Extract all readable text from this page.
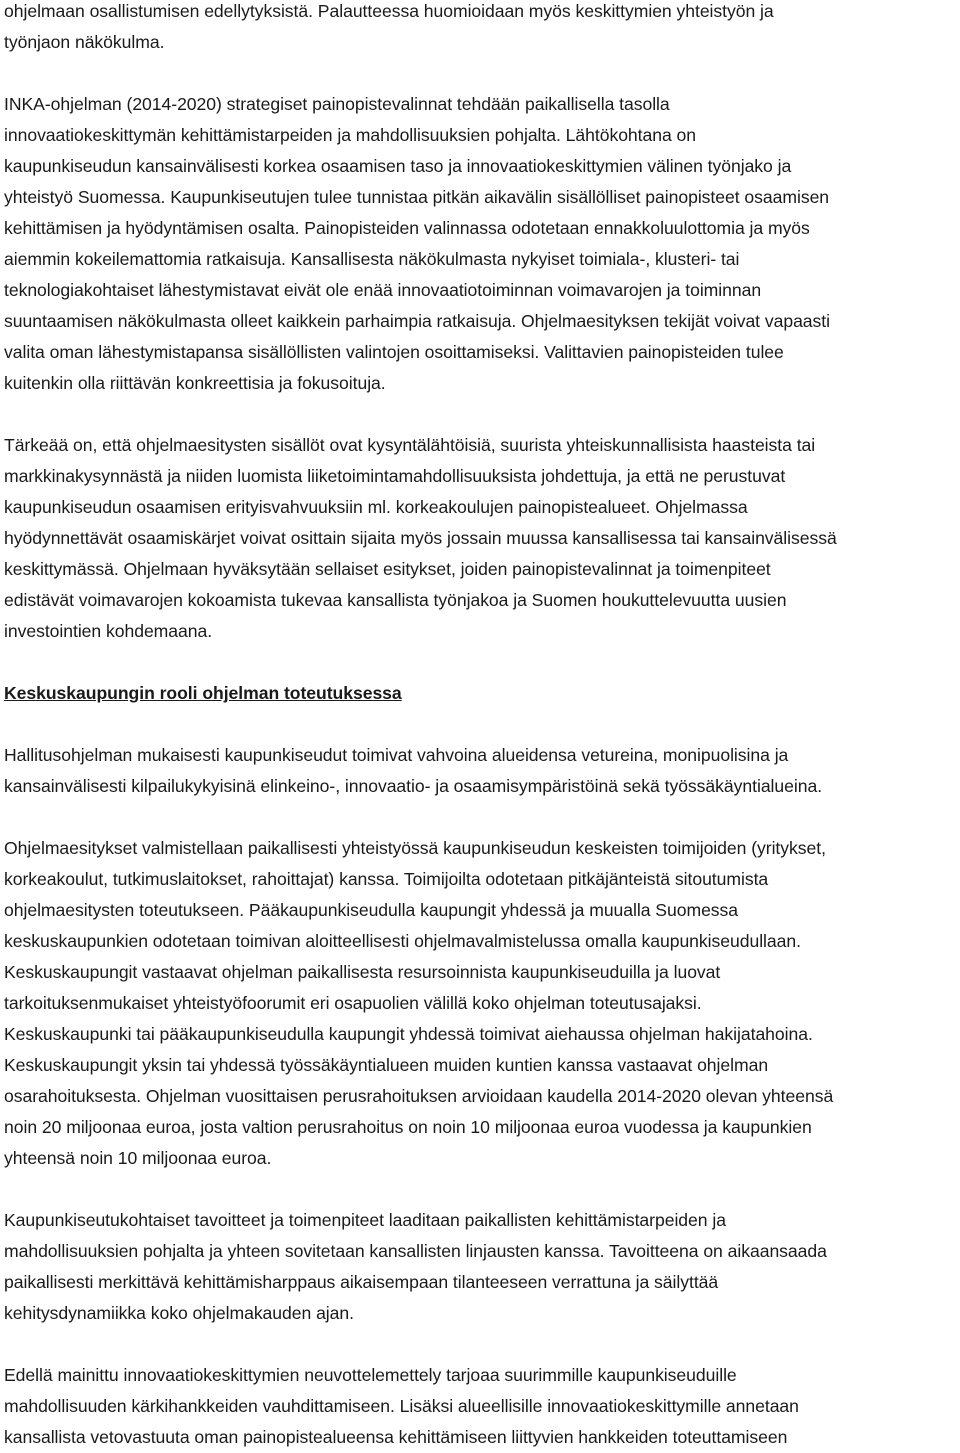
ohjelmaan osallistumisen edellytyksistä. Palautteessa huomioidaan myös keskittymien yhteistyön ja
työnjaon näkökulma.

INKA-ohjelman (2014-2020) strategiset painopistevalinnat tehdään paikallisella tasolla
innovaatiokeskittymän kehittämistarpeiden ja mahdollisuuksien pohjalta. Lähtökohtana on
kaupunkiseudun kansainvälisesti korkea osaamisen taso ja innovaatiokeskittymien välinen työnjako ja
yhteistyö Suomessa. Kaupunkiseutujen tulee tunnistaa pitkän aikavälin sisällölliset painopisteet osaamisen
kehittämisen ja hyödyntämisen osalta. Painopisteiden valinnassa odotetaan ennakkoluulottomia ja myös
aiemmin kokeilemattomia ratkaisuja. Kansallisesta näkökulmasta nykyiset toimiala-, klusteri- tai
teknologiakohtaiset lähestymistavat eivät ole enää innovaatiotoiminnan voimavarojen ja toiminnan
suuntaamisen näkökulmasta olleet kaikkein parhaimpia ratkaisuja. Ohjelmaesityksen tekijät voivat vapaasti
valita oman lähestymistapansa sisällöllisten valintojen osoittamiseksi. Valittavien painopisteiden tulee
kuitenkin olla riittävän konkreettisia ja fokusoituja.

Tärkeää on, että ohjelmaesitysten sisällöt ovat kysyntälähtöisiä, suurista yhteiskunnallisista haasteista tai
markkinakysynnästä ja niiden luomista liiketoimintamahdollisuuksista johdettuja, ja että ne perustuvat
kaupunkiseudun osaamisen erityisvahvuuksiin ml. korkeakoulujen painopistealueet. Ohjelmassa
hyödynnettävät osaamiskärjet voivat osittain sijaita myös jossain muussa kansallisessa tai kansainvälisessä
keskittymässä. Ohjelmaan hyväksytään sellaiset esitykset, joiden painopistevalinnat ja toimenpiteet
edistävät voimavarojen kokoamista tukevaa kansallista työnjakoa ja Suomen houkuttelevuutta uusien
investointien kohdemaana.

Keskuskaupungin rooli ohjelman toteutuksessa

Hallitusohjelman mukaisesti kaupunkiseudut toimivat vahvoina alueidensa vetureina, monipuolisina ja
kansainvälisesti kilpailukykyisinä elinkeino-, innovaatio- ja osaamisympäristöinä sekä työssäkäyntialueina.

Ohjelmaesitykset valmistellaan paikallisesti yhteistyössä kaupunkiseudun keskeisten toimijoiden (yritykset,
korkeakoulut, tutkimuslaitokset, rahoittajat) kanssa. Toimijoilta odotetaan pitkäjänteistä sitoutumista
ohjelmaesitysten toteutukseen. Pääkaupunkiseudulla kaupungit yhdessä ja muualla Suomessa
keskuskaupunkien odotetaan toimivan aloitteellisesti ohjelmavalmistelussa omalla kaupunkiseudullaan.
Keskuskaupungit vastaavat ohjelman paikallisesta resursoinnista kaupunkiseuduilla ja luovat
tarkoituksenmukaiset yhteistyöfoorumit eri osapuolien välillä koko ohjelman toteutusajaksi.
Keskuskaupunki tai pääkaupunkiseudulla kaupungit yhdessä toimivat aiehaussa ohjelman hakijatahoina.
Keskuskaupungit yksin tai yhdessä työssäkäyntialueen muiden kuntien kanssa vastaavat ohjelman
osarahoituksesta. Ohjelman vuosittaisen perusrahoituksen arvioidaan kaudella 2014-2020 olevan yhteensä
noin 20 miljoonaa euroa, josta valtion perusrahoitus on noin 10 miljoonaa euroa vuodessa ja kaupunkien
yhteensä noin 10 miljoonaa euroa.

Kaupunkiseutukohtaiset tavoitteet ja toimenpiteet laaditaan paikallisten kehittämistarpeiden ja
mahdollisuuksien pohjalta ja yhteen sovitetaan kansallisten linjausten kanssa. Tavoitteena on aikaansaada
paikallisesti merkittävä kehittämisharppaus aikaisempaan tilanteeseen verrattuna ja säilyttää
kehitysdynamiikka koko ohjelmakauden ajan.

Edellä mainittu innovaatiokeskittymien neuvottelemettely tarjoaa suurimmille kaupunkiseuduille
mahdollisuuden kärkihankkeiden vauhdittamiseen. Lisäksi alueellisille innovaatiokeskittymille annetaan
kansallista vetovastuuta oman painopistealueensa kehittämiseen liittyvien hankkeiden toteuttamiseen
